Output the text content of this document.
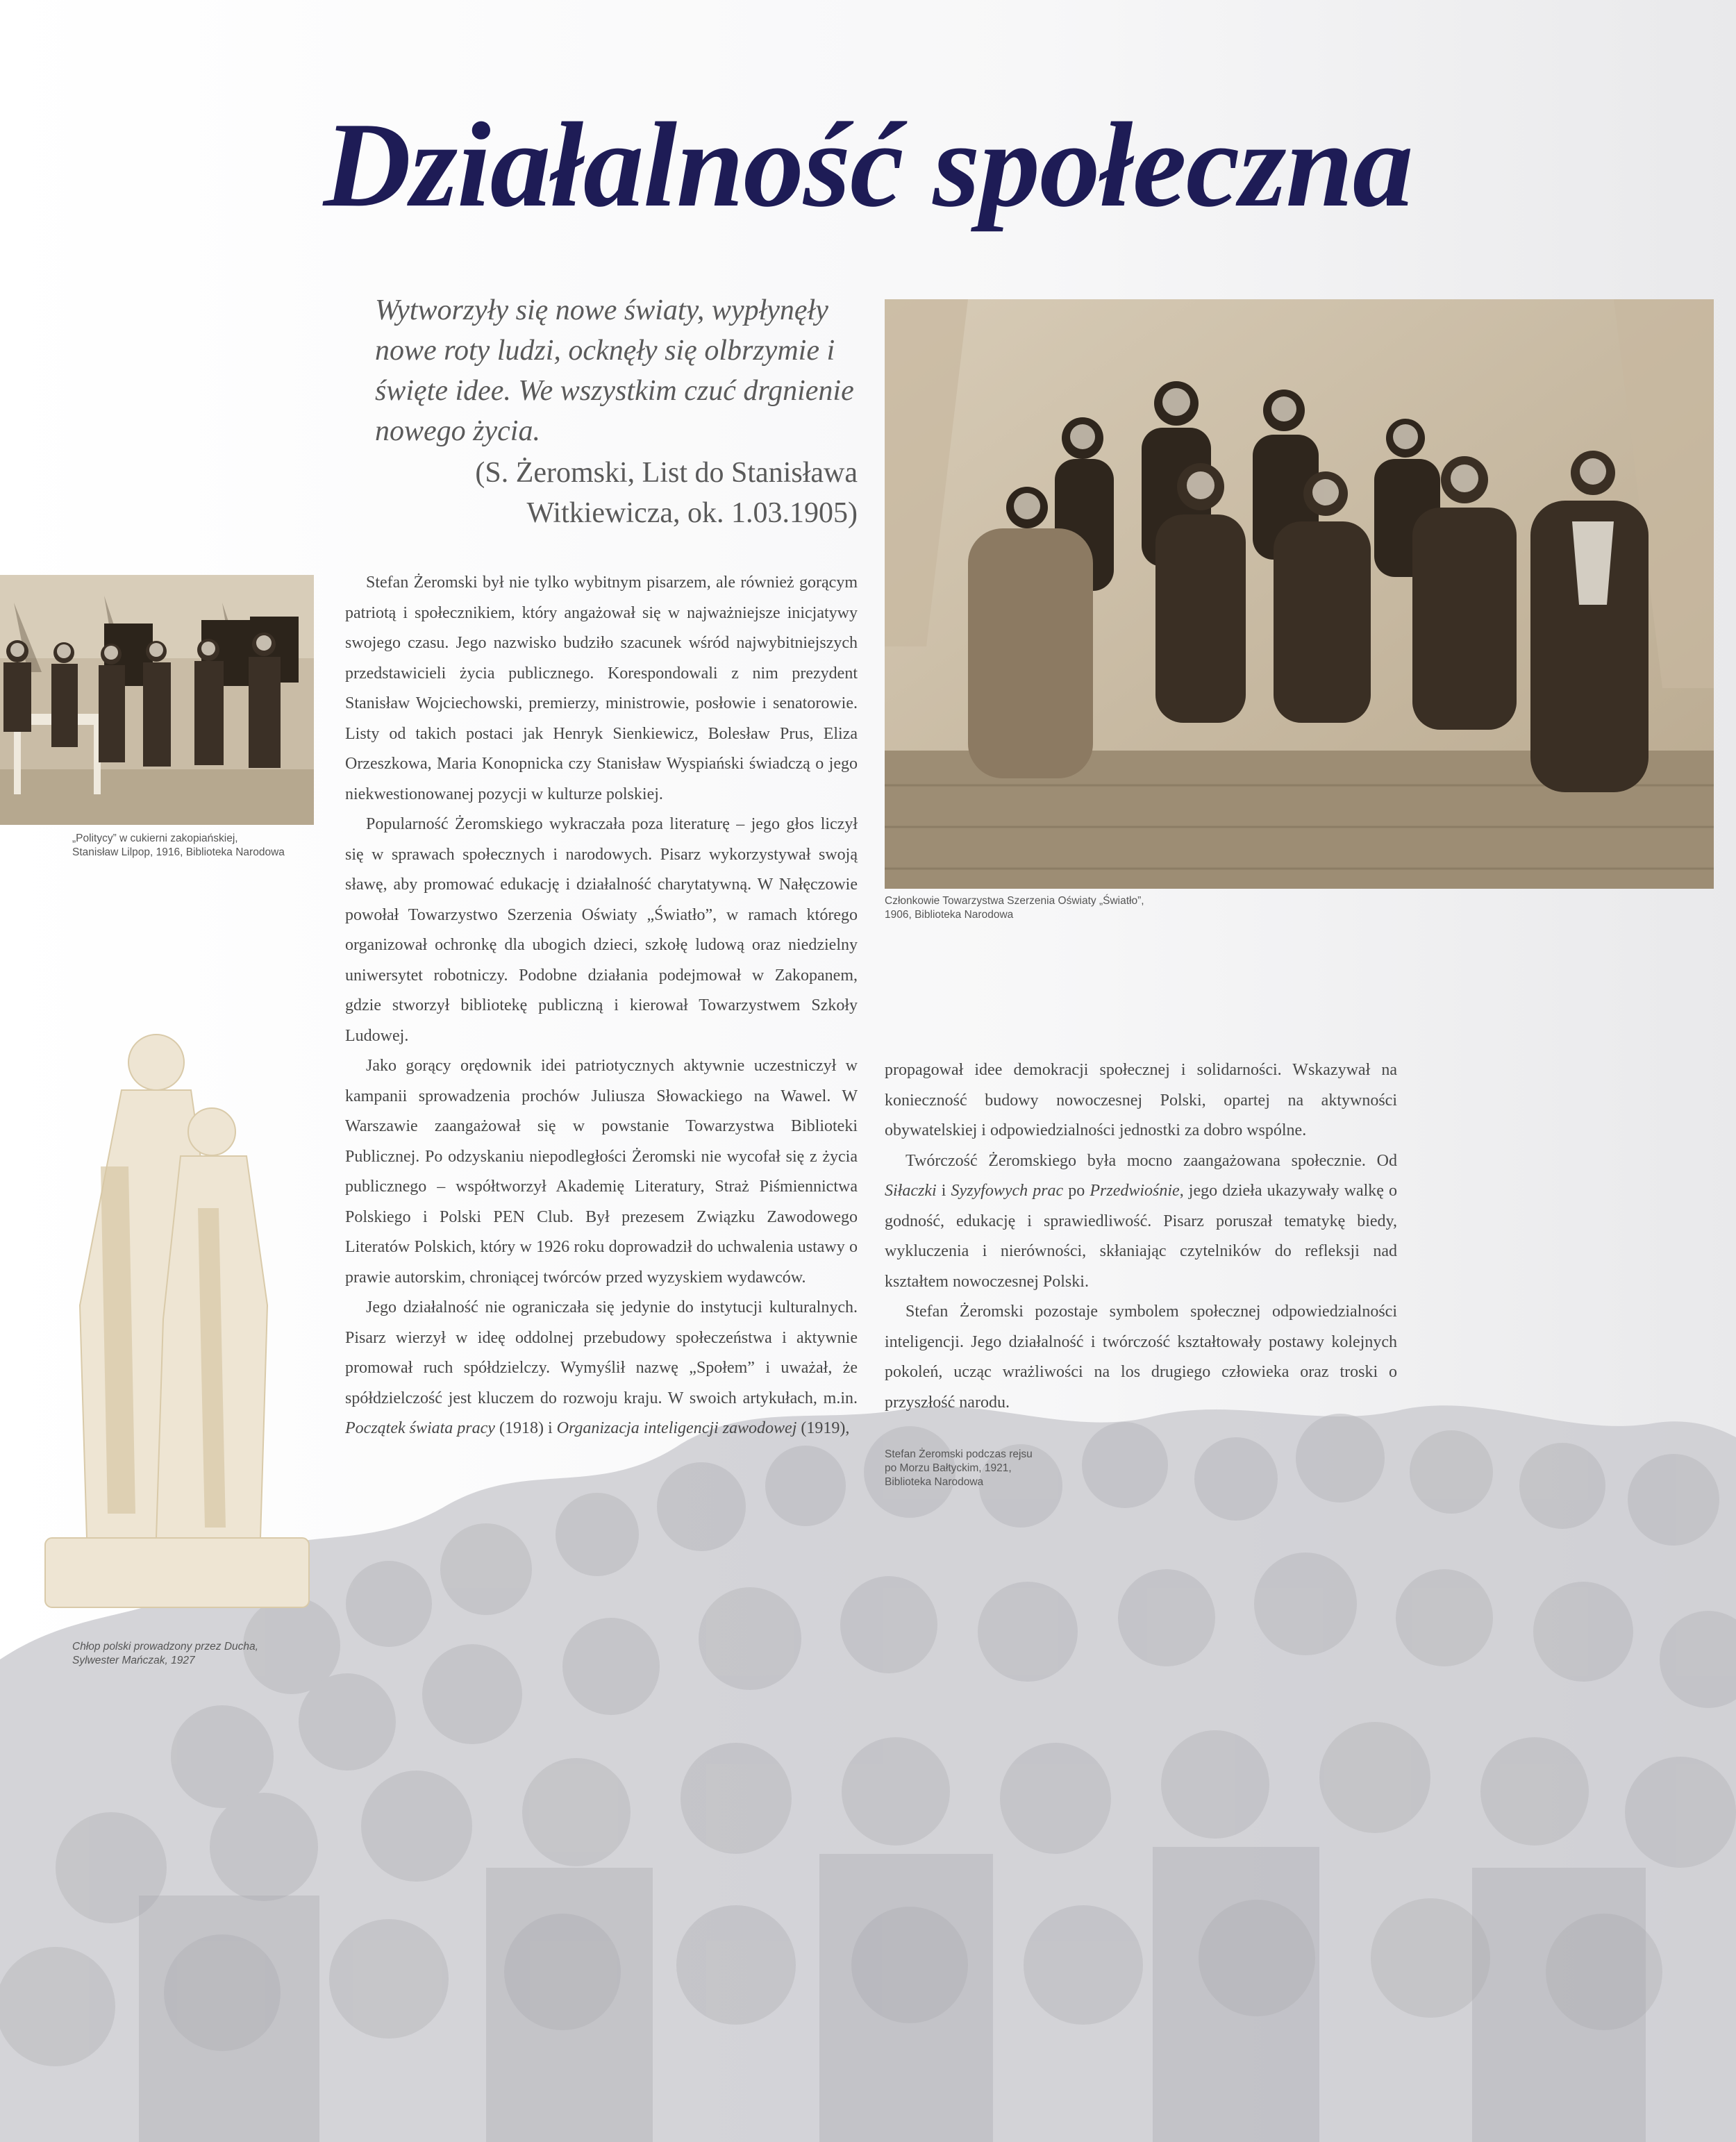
Działalność społeczna
Wytworzyły się nowe światy, wypłynęły nowe roty ludzi, ocknęły się olbrzymie i święte idee. We wszystkim czuć drgnienie nowego życia.
(S. Żeromski, List do Stanisława
Witkiewicza, ok. 1.03.1905)
„Politycy” w cukierni zakopiańskiej,
Stanisław Lilpop, 1916, Biblioteka Narodowa
Członkowie Towarzystwa Szerzenia Oświaty „Światło”,
1906, Biblioteka Narodowa
Chłop polski prowadzony przez Ducha,
Sylwester Mańczak, 1927
Stefan Żeromski podczas rejsu
po Morzu Bałtyckim, 1921,
Biblioteka Narodowa

Stefan Żeromski był nie tylko wybitnym pisarzem, ale również gorącym patriotą i społecznikiem, który angażował się w najważniejsze inicjatywy swojego czasu. Jego nazwisko budziło szacunek wśród najwybitniejszych przedstawicieli życia publicznego. Korespondowali z nim prezydent Stanisław Wojciechowski, premierzy, ministrowie, posłowie i senatorowie. Listy od takich postaci jak Henryk Sienkiewicz, Bolesław Prus, Eliza Orzeszkowa, Maria Konopnicka czy Stanisław Wyspiański świadczą o jego niekwestionowanej pozycji w kulturze polskiej.

Popularność Żeromskiego wykraczała poza literaturę – jego głos liczył się w sprawach społecznych i narodowych. Pisarz wykorzystywał swoją sławę, aby promować edukację i działalność charytatywną. W Nałęczowie powołał Towarzystwo Szerzenia Oświaty „Światło”, w ramach którego organizował ochronkę dla ubogich dzieci, szkołę ludową oraz niedzielny uniwersytet robotniczy. Podobne działania podejmował w Zakopanem, gdzie stworzył bibliotekę publiczną i kierował Towarzystwem Szkoły Ludowej.

Jako gorący orędownik idei patriotycznych aktywnie uczestniczył w kampanii sprowadzenia prochów Juliusza Słowackiego na Wawel. W Warszawie zaangażował się w powstanie Towarzystwa Biblioteki Publicznej. Po odzyskaniu niepodległości Żeromski nie wycofał się z życia publicznego – współtworzył Akademię Literatury, Straż Piśmiennictwa Polskiego i Polski PEN Club. Był prezesem Związku Zawodowego Literatów Polskich, który w 1926 roku doprowadził do uchwalenia ustawy o prawie autorskim, chroniącej twórców przed wyzyskiem wydawców.

Jego działalność nie ograniczała się jedynie do instytucji kulturalnych. Pisarz wierzył w ideę oddolnej przebudowy społeczeństwa i aktywnie promował ruch spółdzielczy. Wymyślił nazwę „Społem” i uważał, że spółdzielczość jest kluczem do rozwoju kraju. W swoich artykułach, m.in. Początek świata pracy (1918) i Organizacja inteligencji zawodowej (1919),

propagował idee demokracji społecznej i solidarności. Wskazywał na konieczność budowy nowoczesnej Polski, opartej na aktywności obywatelskiej i odpowiedzialności jednostki za dobro wspólne.

Twórczość Żeromskiego była mocno zaangażowana społecznie. Od Siłaczki i Syzyfowych prac po Przedwiośnie, jego dzieła ukazywały walkę o godność, edukację i sprawiedliwość. Pisarz poruszał tematykę biedy, wykluczenia i nierówności, skłaniając czytelników do refleksji nad kształtem nowoczesnej Polski.

Stefan Żeromski pozostaje symbolem społecznej odpowiedzialności inteligencji. Jego działalność i twórczość kształtowały postawy kolejnych pokoleń, ucząc wrażliwości na los drugiego człowieka oraz troski o przyszłość narodu.
